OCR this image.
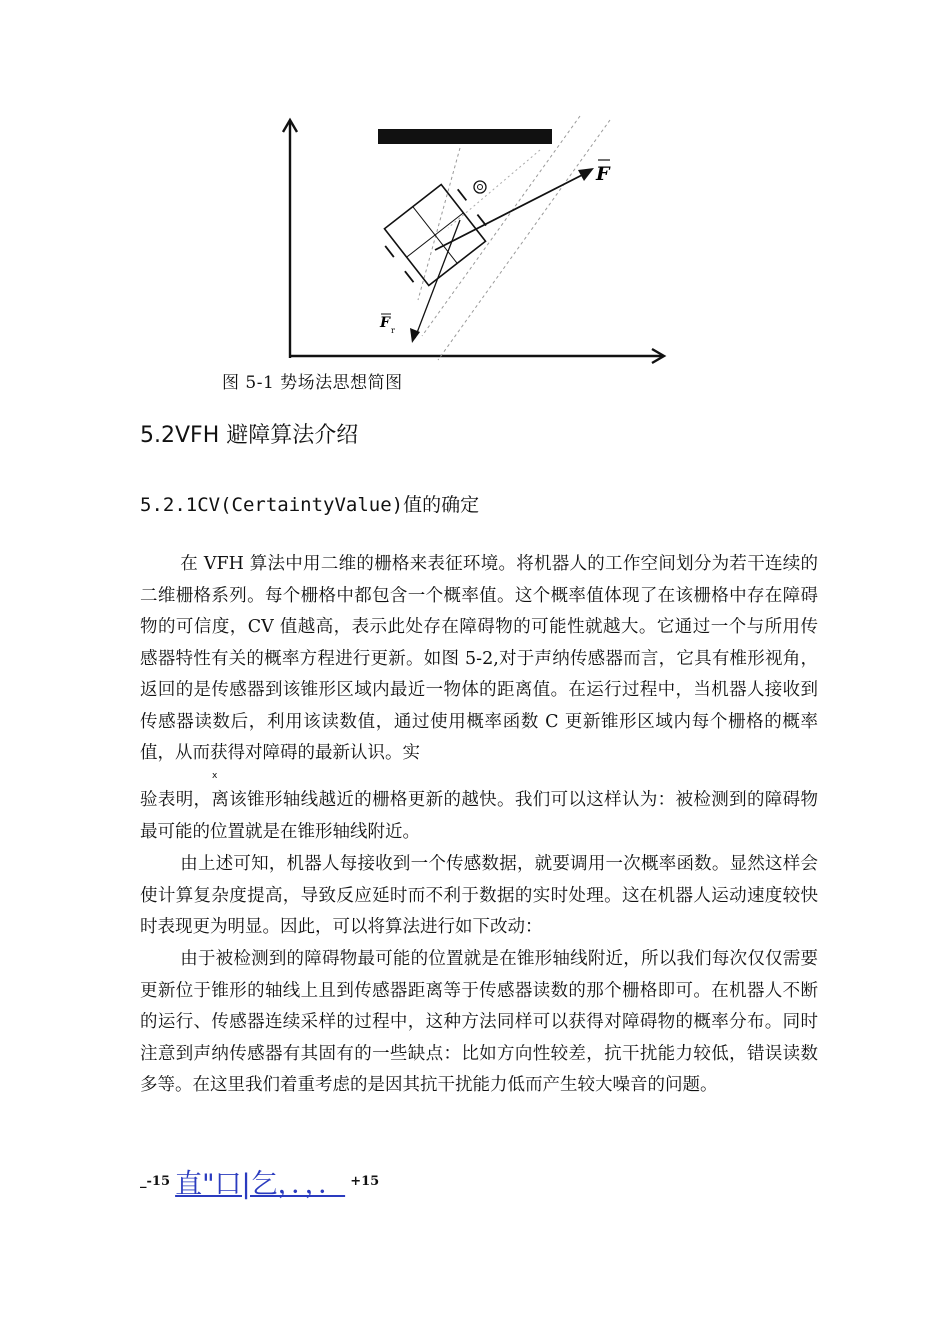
F
F r
图 5-1 势场法思想简图
5.2VFH 避障算法介绍
5.2.1CV(CertaintyValue)值的确定
在 VFH 算法中用二维的栅格来表征环境。将机器人的工作空间划分为若干连续的二维栅格系列。每个栅格中都包含一个概率值。这个概率值体现了在该栅格中存在障碍物的可信度，CV 值越高，表示此处存在障碍物的可能性就越大。它通过一个与所用传感器特性有关的概率方程进行更新。如图 5-2,对于声纳传感器而言，它具有椎形视角，返回的是传感器到该锥形区域内最近一物体的距离值。在运行过程中，当机器人接收到传感器读数后，利用该读数值，通过使用概率函数 C 更新锥形区域内每个栅格的概率值，从而获得对障碍的最新认识。实
x
验表明，离该锥形轴线越近的栅格更新的越快。我们可以这样认为：被检测到的障碍物最可能的位置就是在锥形轴线附近。
由上述可知，机器人每接收到一个传感数据，就要调用一次概率函数。显然这样会使计算复杂度提高，导致反应延时而不利于数据的实时处理。这在机器人运动速度较快时表现更为明显。因此，可以将算法进行如下改动：
由于被检测到的障碍物最可能的位置就是在锥形轴线附近，所以我们每次仅仅需要更新位于锥形的轴线上且到传感器距离等于传感器读数的那个栅格即可。在机器人不断的运行、传感器连续采样的过程中，这种方法同样可以获得对障碍物的概率分布。同时注意到声纳传感器有其固有的一些缺点：比如方向性较差，抗干扰能力较低，错误读数多等。在这里我们着重考虑的是因其抗干扰能力低而产生较大噪音的问题。
_-15 直"口|乞，．，． +15
